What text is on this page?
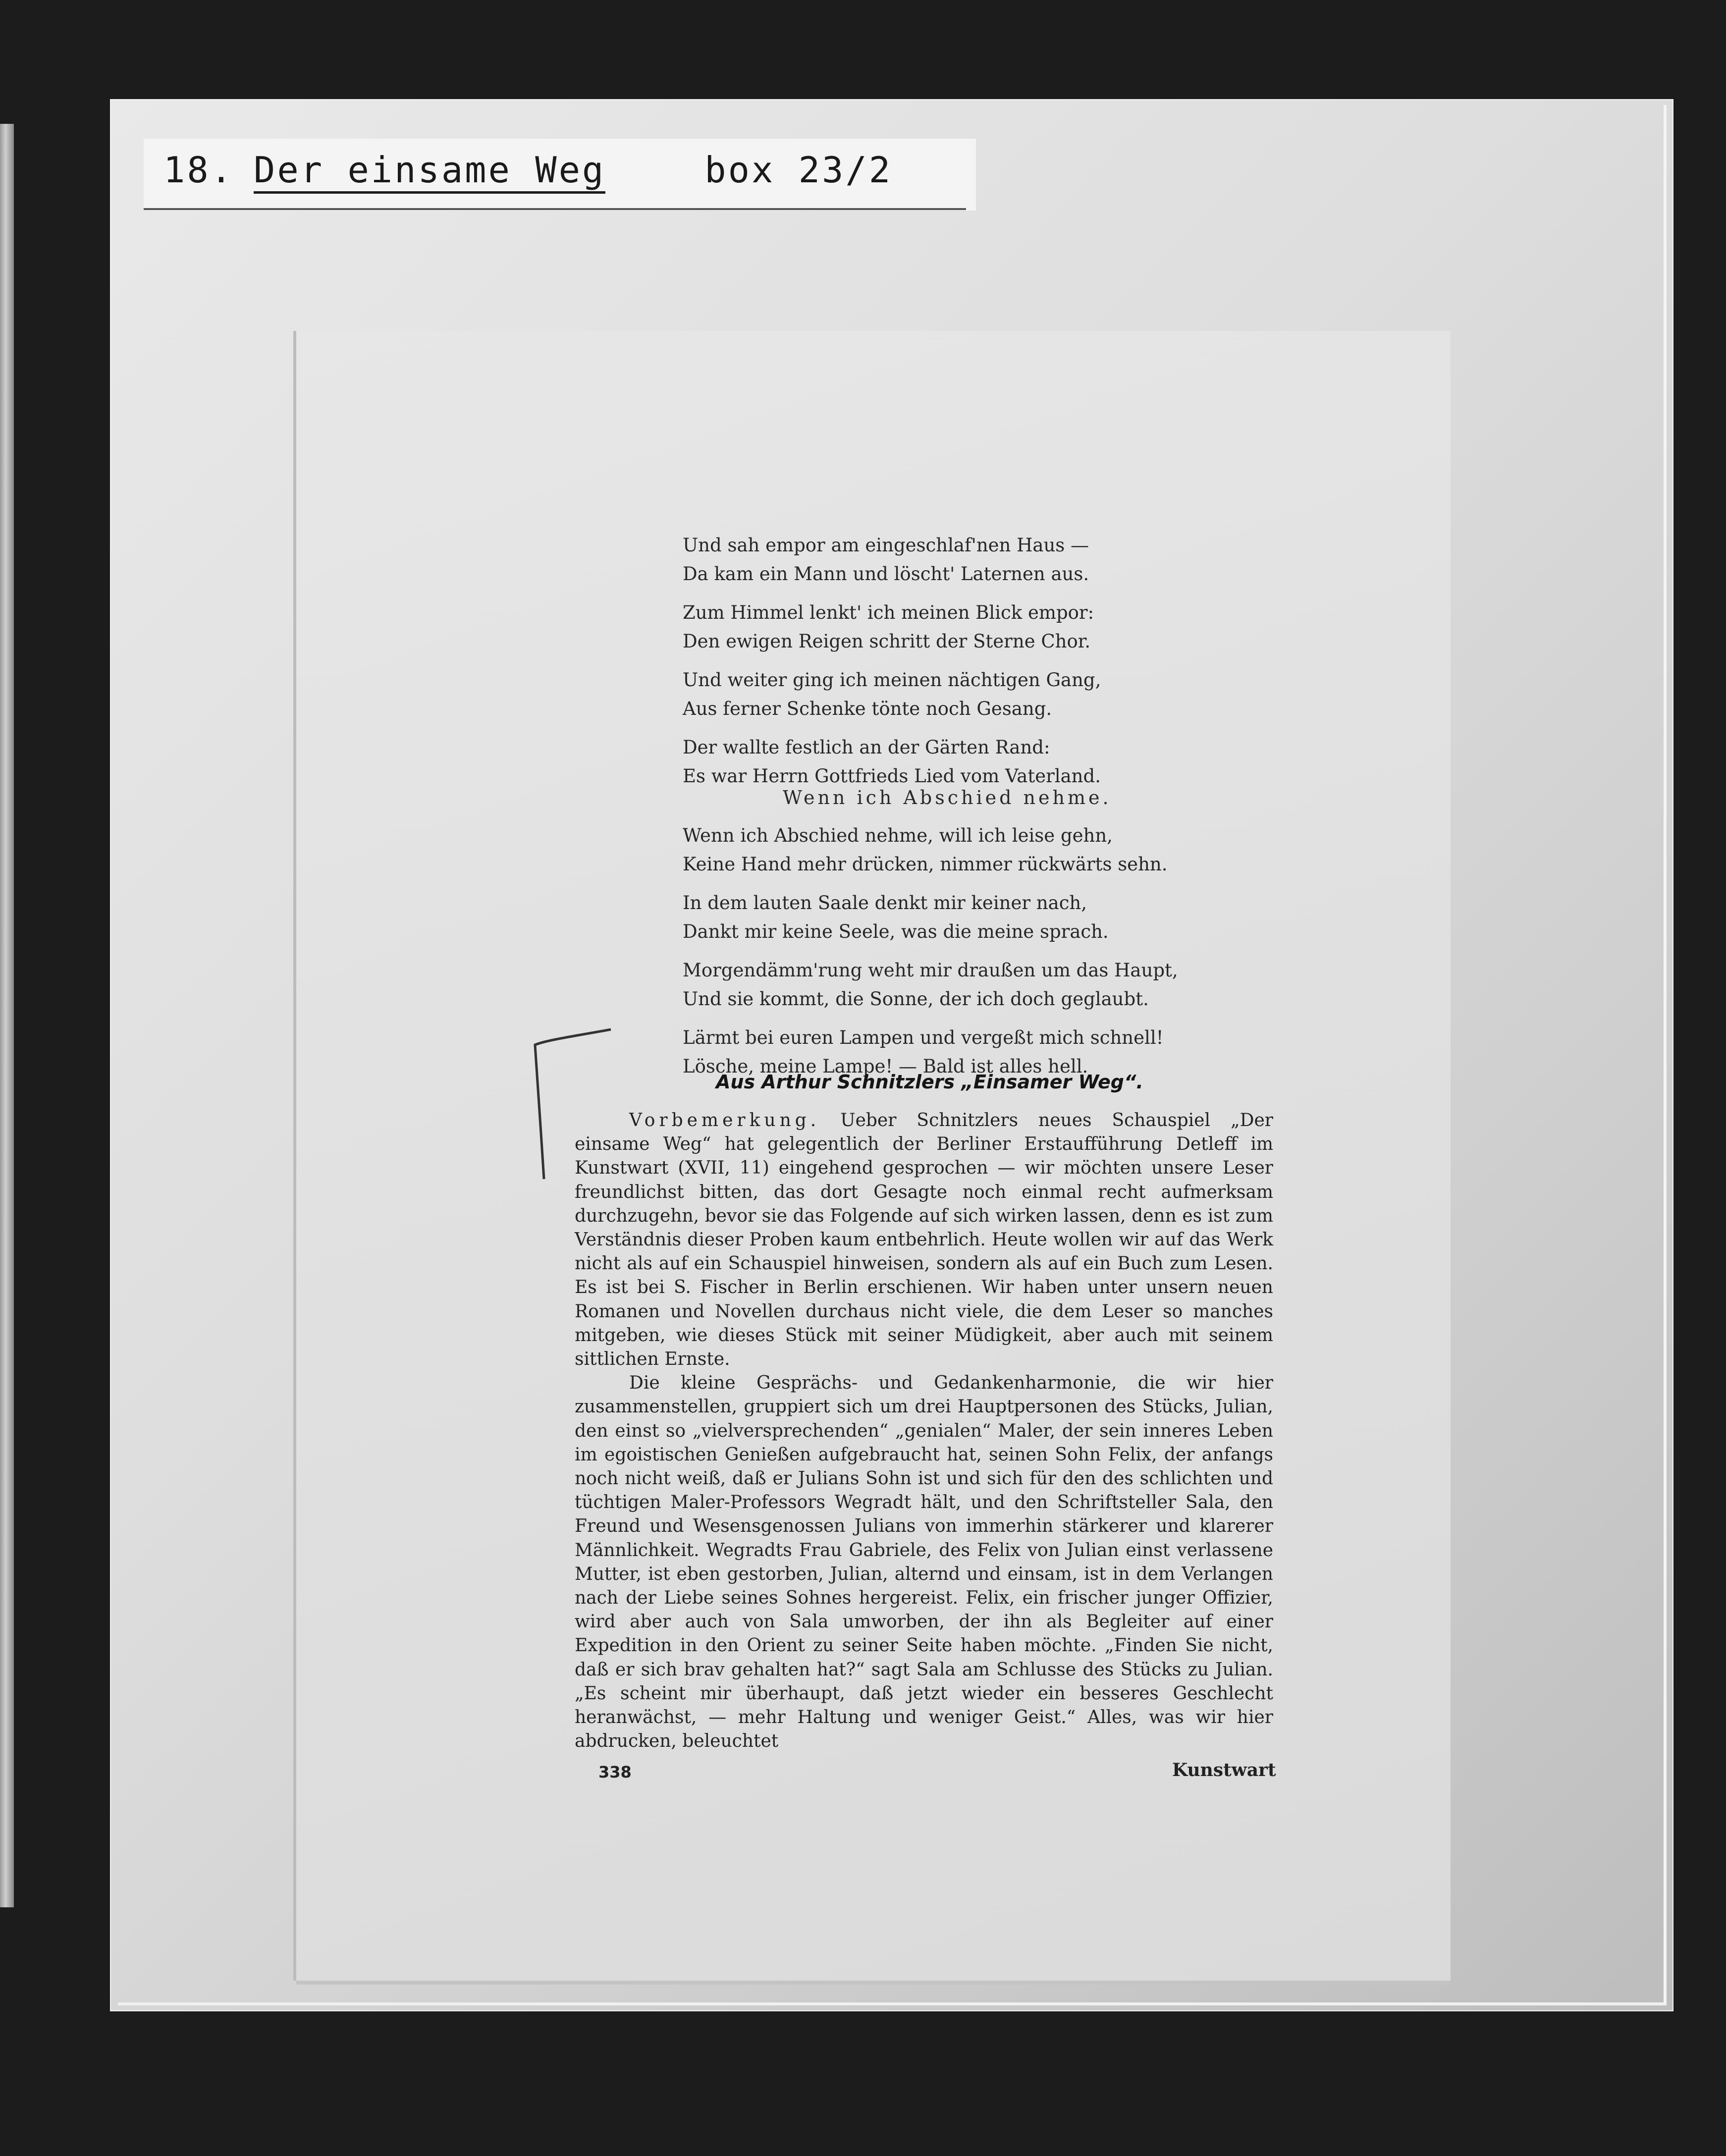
18. Der einsame Weg	box 23/2
Und sah empor am eingeschlaf'nen Haus —
Da kam ein Mann und löscht' Laternen aus.
Zum Himmel lenkt' ich meinen Blick empor:
Den ewigen Reigen schritt der Sterne Chor.
Und weiter ging ich meinen nächtigen Gang,
Aus ferner Schenke tönte noch Gesang.
Der wallte festlich an der Gärten Rand:
Es war Herrn Gottfrieds Lied vom Vaterland.
Wenn ich Abschied nehme.
Wenn ich Abschied nehme, will ich leise gehn,
Keine Hand mehr drücken, nimmer rückwärts sehn.
In dem lauten Saale denkt mir keiner nach,
Dankt mir keine Seele, was die meine sprach.
Morgendämm'rung weht mir draußen um das Haupt,
Und sie kommt, die Sonne, der ich doch geglaubt.
Lärmt bei euren Lampen und vergeßt mich schnell!
Lösche, meine Lampe! — Bald ist alles hell.
Aus Arthur Schnitzlers „Einsamer Weg“.

Vorbemerkung. Ueber Schnitzlers neues Schauspiel „Der einsame Weg“ hat gelegentlich der Berliner Erstaufführung Detleff im Kunstwart (XVII, 11) eingehend gesprochen — wir möchten unsere Leser freundlichst bitten, das dort Gesagte noch einmal recht aufmerksam durchzugehn, bevor sie das Folgende auf sich wirken lassen, denn es ist zum Verständnis dieser Proben kaum entbehrlich. Heute wollen wir auf das Werk nicht als auf ein Schauspiel hinweisen, sondern als auf ein Buch zum Lesen. Es ist bei S. Fischer in Berlin erschienen. Wir haben unter unsern neuen Romanen und Novellen durchaus nicht viele, die dem Leser so manches mitgeben, wie dieses Stück mit seiner Müdigkeit, aber auch mit seinem sittlichen Ernste.

Die kleine Gesprächs- und Gedankenharmonie, die wir hier zusammenstellen, gruppiert sich um drei Hauptpersonen des Stücks, Julian, den einst so „vielversprechenden“ „genialen“ Maler, der sein inneres Leben im egoistischen Genießen aufgebraucht hat, seinen Sohn Felix, der anfangs noch nicht weiß, daß er Julians Sohn ist und sich für den des schlichten und tüchtigen Maler-Professors Wegradt hält, und den Schriftsteller Sala, den Freund und Wesensgenossen Julians von immerhin stärkerer und klarerer Männlichkeit. Wegradts Frau Gabriele, des Felix von Julian einst verlassene Mutter, ist eben gestorben, Julian, alternd und einsam, ist in dem Verlangen nach der Liebe seines Sohnes hergereist. Felix, ein frischer junger Offizier, wird aber auch von Sala umworben, der ihn als Begleiter auf einer Expedition in den Orient zu seiner Seite haben möchte. „Finden Sie nicht, daß er sich brav gehalten hat?“ sagt Sala am Schlusse des Stücks zu Julian. „Es scheint mir überhaupt, daß jetzt wieder ein besseres Geschlecht heranwächst, — mehr Haltung und weniger Geist.“ Alles, was wir hier abdrucken, beleuchtet

338	Kunstwart
